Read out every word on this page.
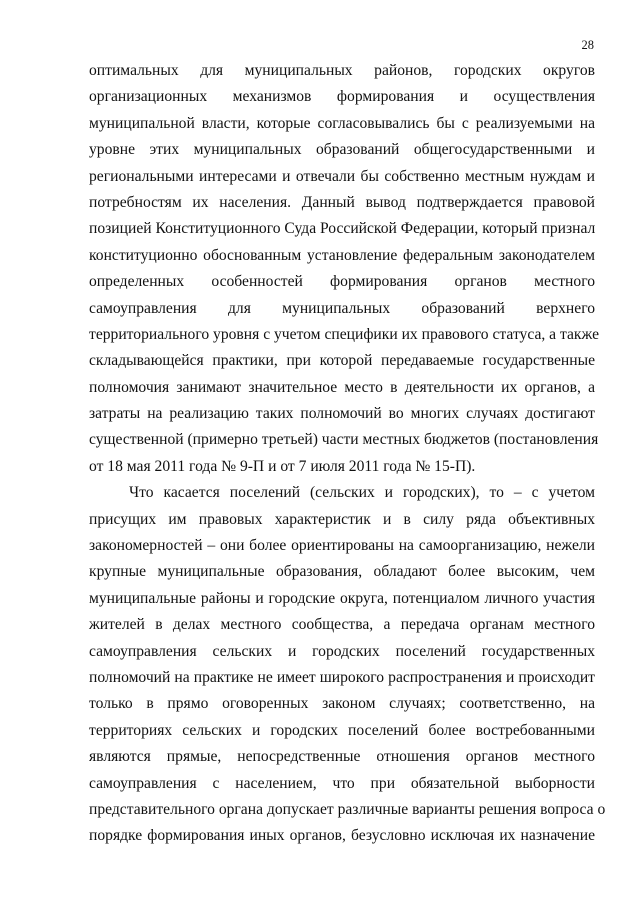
28
оптимальных для муниципальных районов, городских округов
организационных механизмов формирования и осуществления
муниципальной власти, которые согласовывались бы с реализуемыми на
уровне этих муниципальных образований общегосударственными и
региональными интересами и отвечали бы собственно местным нуждам и
потребностям их населения. Данный вывод подтверждается правовой
позицией Конституционного Суда Российской Федерации, который признал
конституционно обоснованным установление федеральным законодателем
определенных особенностей формирования органов местного
самоуправления для муниципальных образований верхнего
территориального уровня с учетом специфики их правового статуса, а также
складывающейся практики, при которой передаваемые государственные
полномочия занимают значительное место в деятельности их органов, а
затраты на реализацию таких полномочий во многих случаях достигают
существенной (примерно третьей) части местных бюджетов (постановления
от 18 мая 2011 года № 9-П и от 7 июля 2011 года № 15-П).
Что касается поселений (сельских и городских), то – с учетом
присущих им правовых характеристик и в силу ряда объективных
закономерностей – они более ориентированы на самоорганизацию, нежели
крупные муниципальные образования, обладают более высоким, чем
муниципальные районы и городские округа, потенциалом личного участия
жителей в делах местного сообщества, а передача органам местного
самоуправления сельских и городских поселений государственных
полномочий на практике не имеет широкого распространения и происходит
только в прямо оговоренных законом случаях; соответственно, на
территориях сельских и городских поселений более востребованными
являются прямые, непосредственные отношения органов местного
самоуправления с населением, что при обязательной выборности
представительного органа допускает различные варианты решения вопроса о
порядке формирования иных органов, безусловно исключая их назначение
